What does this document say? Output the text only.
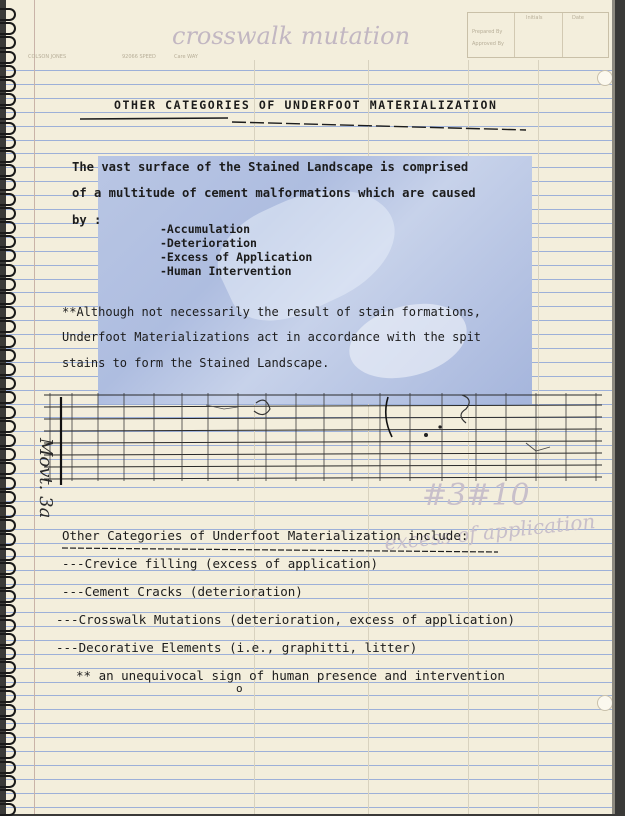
Initials	Date
Prepared By
Approved By
COLSON JONES	92066 SPEED	Care WAY
crosswalk mutation
OTHER CATEGORIES OF UNDERFOOT MATERIALIZATION
The vast surface of the Stained Landscape is comprised
of a multitude of cement malformations which are caused
by :
-Accumulation
-Deterioration
-Excess of Application
-Human Intervention
**Although not necessarily the result of stain formations,
Underfoot Materializations act in accordance with the spit
stains to form the Stained Landscape.
Movt. 3a	#3#10
excess of application
Other Categories of Underfoot Materialization include:
---Crevice filling (excess of application)
---Cement Cracks (deterioration)
---Crosswalk Mutations (deterioration, excess of application)
---Decorative Elements (i.e., graphitti, litter)
** an unequivocal sign of human presence and intervention
o
